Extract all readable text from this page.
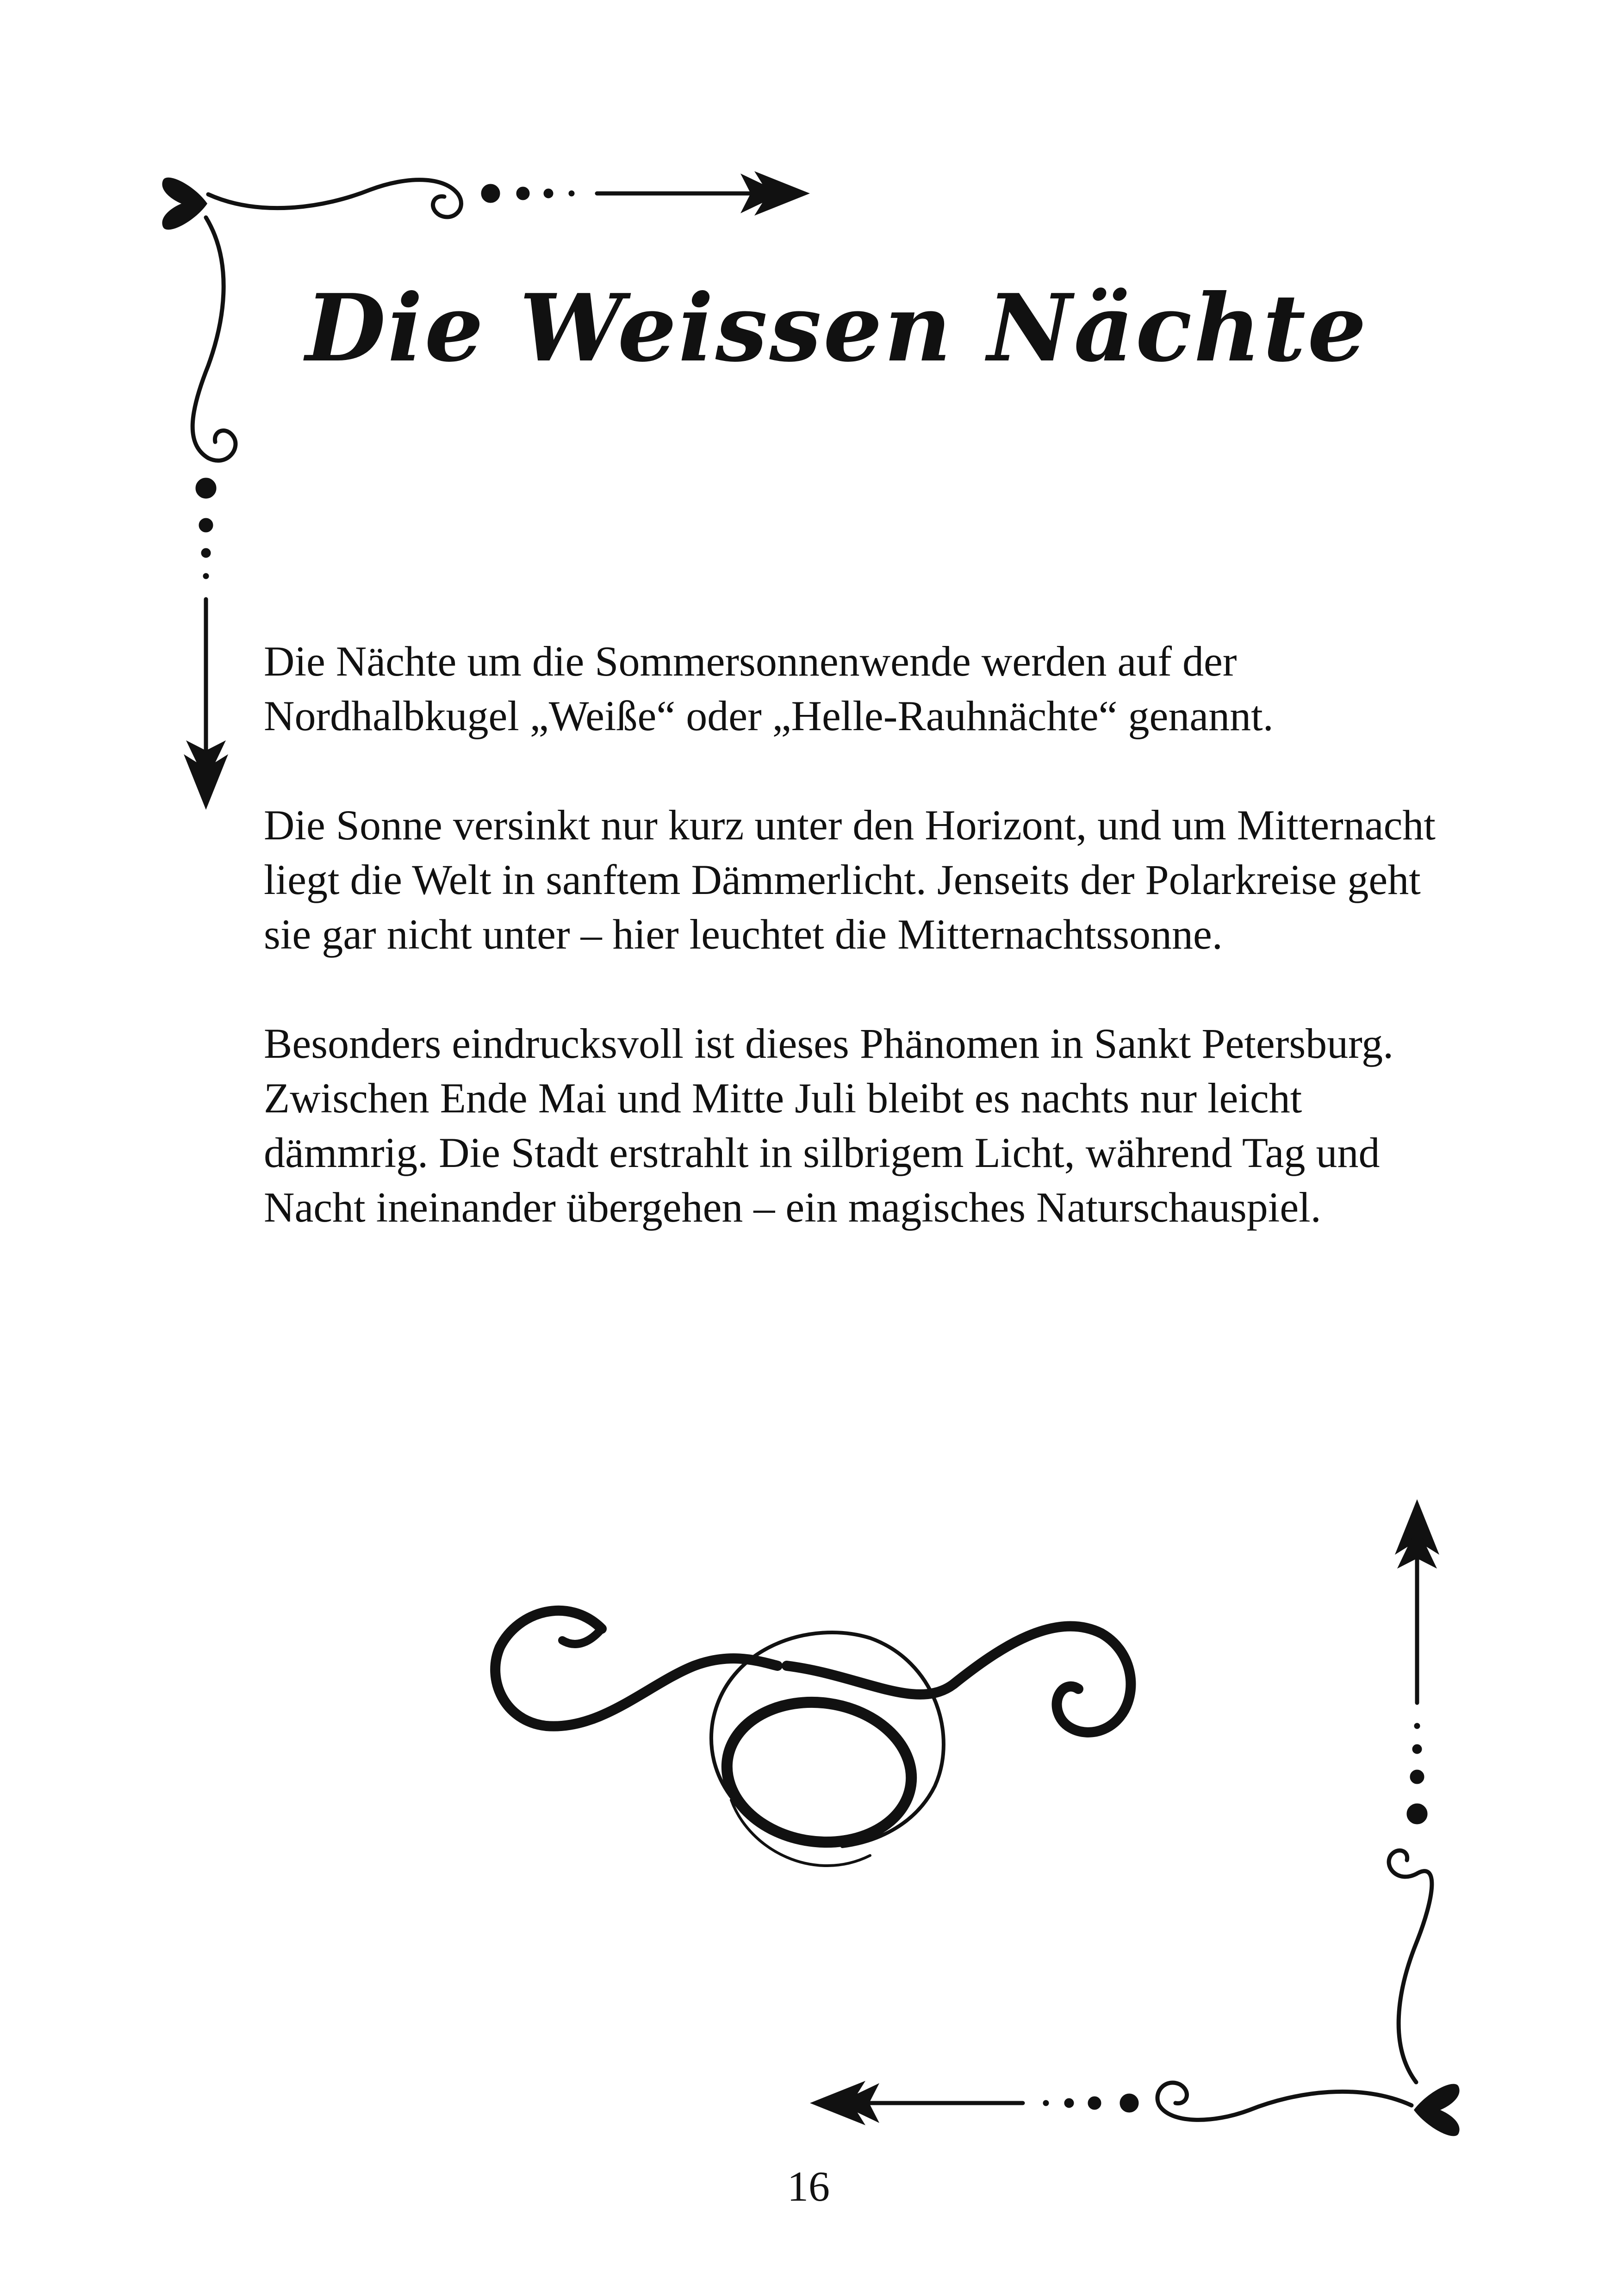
Die Weissen Nächte

Die Nächte um die Sommersonnenwende werden auf der Nordhalbkugel „Weiße“ oder „Helle-Rauhnächte“ genannt.

Die Sonne versinkt nur kurz unter den Horizont, und um Mitternacht liegt die Welt in sanftem Dämmerlicht. Jenseits der Polarkreise geht sie gar nicht unter – hier leuchtet die Mitternachtssonne.

Besonders eindrucksvoll ist dieses Phänomen in Sankt Petersburg. Zwischen Ende Mai und Mitte Juli bleibt es nachts nur leicht dämmrig. Die Stadt erstrahlt in silbrigem Licht, während Tag und Nacht ineinander übergehen – ein magisches Naturschauspiel.

16
